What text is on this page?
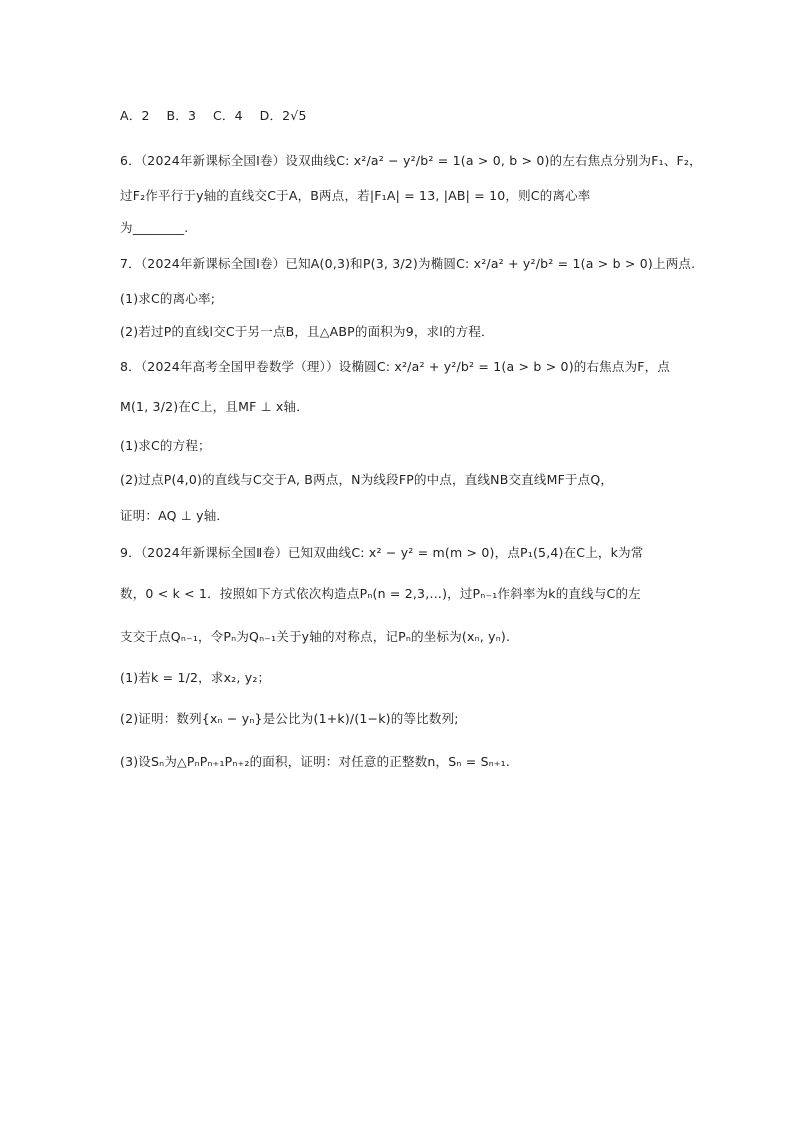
A．2　 B．3　 C．4　 D．2√5
6．（2024年新课标全国Ⅰ卷）设双曲线C: x²/a² − y²/b² = 1(a > 0, b > 0)的左右焦点分别为F₁、F₂，
过F₂作平行于y轴的直线交C于A，B两点，若|F₁A| = 13, |AB| = 10，则C的离心率
为________.
7．（2024年新课标全国Ⅰ卷）已知A(0,3)和P(3, 3/2)为椭圆C: x²/a² + y²/b² = 1(a > b > 0)上两点.
(1)求C的离心率;
(2)若过P的直线l交C于另一点B，且△ABP的面积为9，求l的方程．
8．（2024年高考全国甲卷数学（理））设椭圆C: x²/a² + y²/b² = 1(a > b > 0)的右焦点为F，点
M(1, 3/2)在C上，且MF ⊥ x轴．
(1)求C的方程；
(2)过点P(4,0)的直线与C交于A, B两点，N为线段FP的中点，直线NB交直线MF于点Q，
证明：AQ ⊥ y轴．
9．（2024年新课标全国Ⅱ卷）已知双曲线C: x² − y² = m(m > 0)，点P₁(5,4)在C上，k为常
数，0 < k < 1．按照如下方式依次构造点Pₙ(n = 2,3,…)，过Pₙ₋₁作斜率为k的直线与C的左
支交于点Qₙ₋₁，令Pₙ为Qₙ₋₁关于y轴的对称点，记Pₙ的坐标为(xₙ, yₙ).
(1)若k = 1/2，求x₂, y₂；
(2)证明：数列{xₙ − yₙ}是公比为(1+k)/(1−k)的等比数列;
(3)设Sₙ为△PₙPₙ₊₁Pₙ₊₂的面积，证明：对任意的正整数n，Sₙ = Sₙ₊₁.
